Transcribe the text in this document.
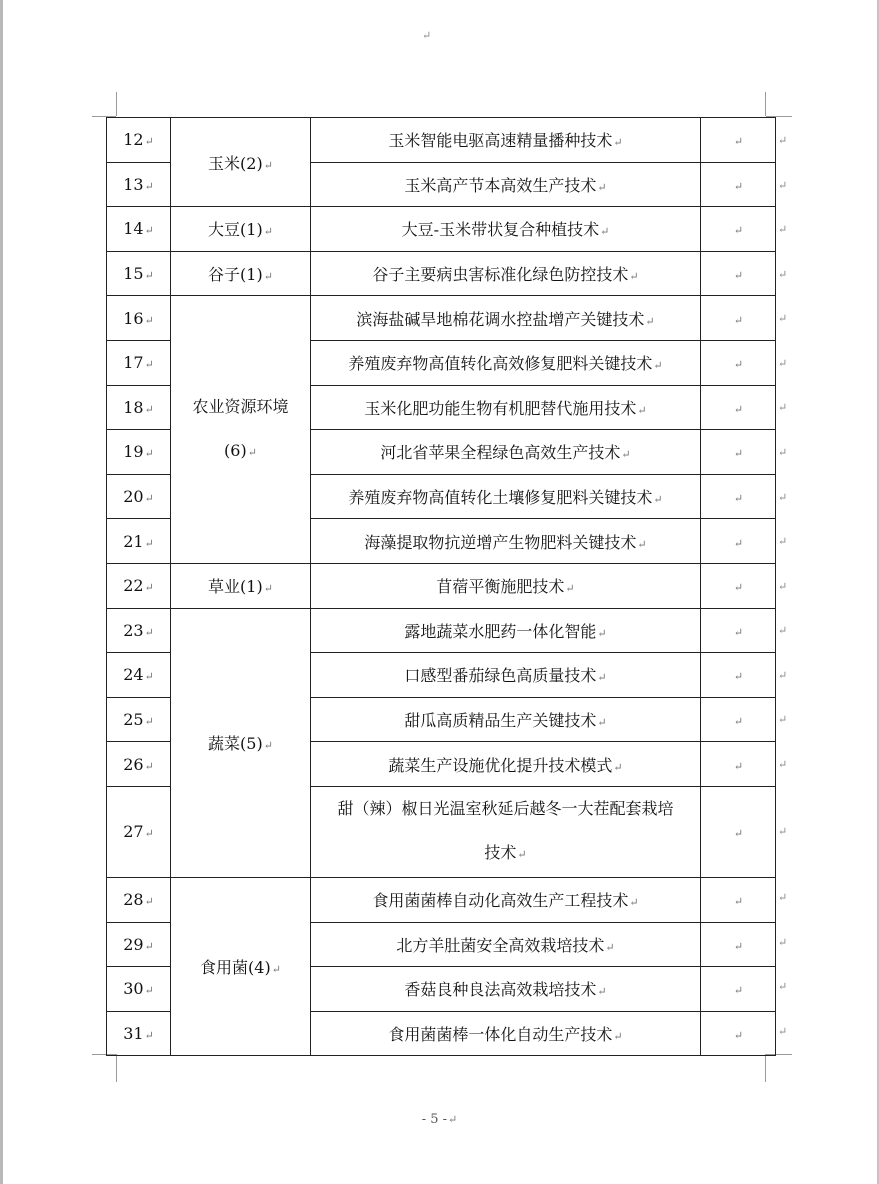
↵
12↵	玉米(2)↵	玉米智能电驱高速精量播种技术↵	↵
13↵		玉米高产节本高效生产技术↵	↵
14↵	大豆(1)↵	大豆-玉米带状复合种植技术↵	↵
15↵	谷子(1)↵	谷子主要病虫害标准化绿色防控技术↵	↵
16↵	农业资源环境
(6)↵	滨海盐碱旱地棉花调水控盐增产关键技术↵	↵
17↵		养殖废弃物高值转化高效修复肥料关键技术↵	↵
18↵		玉米化肥功能生物有机肥替代施用技术↵	↵
19↵		河北省苹果全程绿色高效生产技术↵	↵
20↵		养殖废弃物高值转化土壤修复肥料关键技术↵	↵
21↵		海藻提取物抗逆增产生物肥料关键技术↵	↵
22↵	草业(1)↵	苜蓿平衡施肥技术↵	↵
23↵	蔬菜(5)↵	露地蔬菜水肥药一体化智能↵	↵
24↵		口感型番茄绿色高质量技术↵	↵
25↵		甜瓜高质精品生产关键技术↵	↵
26↵		蔬菜生产设施优化提升技术模式↵	↵
27↵		甜（辣）椒日光温室秋延后越冬一大茬配套栽培
技术↵	↵
28↵	食用菌(4)↵	食用菌菌棒自动化高效生产工程技术↵	↵
29↵		北方羊肚菌安全高效栽培技术↵	↵
30↵		香菇良种良法高效栽培技术↵	↵
31↵		食用菌菌棒一体化自动生产技术↵	↵
↵
↵
↵
↵
↵
↵
↵
↵
↵
↵
↵
↵
↵
↵
↵
↵
↵
↵
↵
↵
- 5 -↵
